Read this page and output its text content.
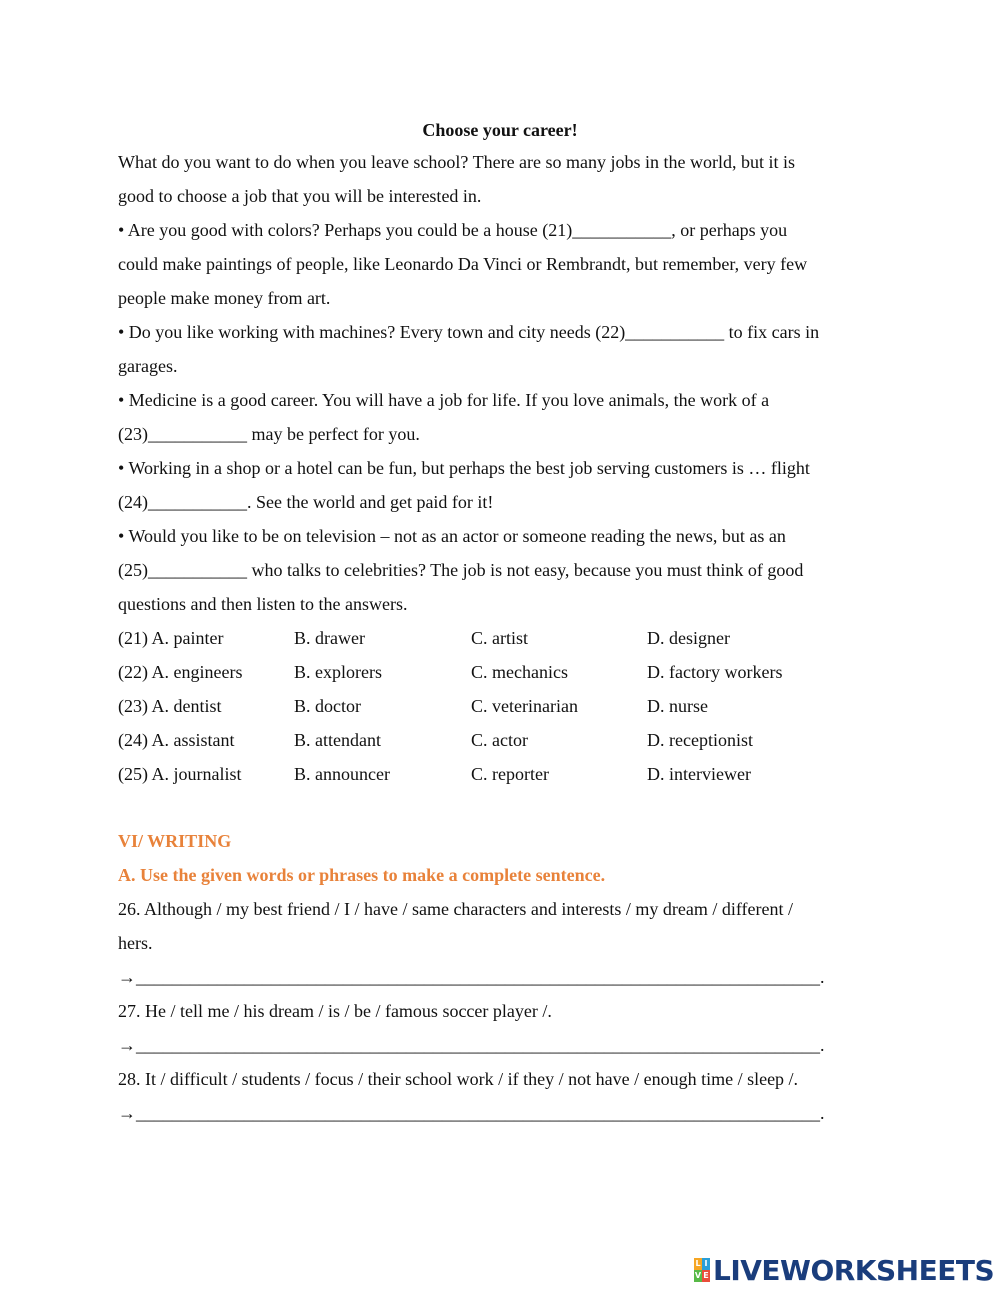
Choose your career!
What do you want to do when you leave school? There are so many jobs in the world, but it is
good to choose a job that you will be interested in.
• Are you good with colors? Perhaps you could be a house (21)___________, or perhaps you
could make paintings of people, like Leonardo Da Vinci or Rembrandt, but remember, very few
people make money from art.
• Do you like working with machines? Every town and city needs (22)___________ to fix cars in
garages.
• Medicine is a good career. You will have a job for life. If you love animals, the work of a
(23)___________ may be perfect for you.
• Working in a shop or a hotel can be fun, but perhaps the best job serving customers is … flight
(24)___________. See the world and get paid for it!
• Would you like to be on television – not as an actor or someone reading the news, but as an
(25)___________ who talks to celebrities? The job is not easy, because you must think of good
questions and then listen to the answers.
(21) A. painter	B. drawer	C. artist	D. designer
(22) A. engineers	B. explorers	C. mechanics	D. factory workers
(23) A. dentist	B. doctor	C. veterinarian	D. nurse
(24) A. assistant	B. attendant	C. actor	D. receptionist
(25) A. journalist	B. announcer	C. reporter	D. interviewer
VI/ WRITING
A. Use the given words or phrases to make a complete sentence.
26. Although / my best friend / I / have / same characters and interests / my dream / different /
hers.
→____________________________________________________________________________.
27. He / tell me / his dream / is / be / famous soccer player /.
→____________________________________________________________________________.
28. It / difficult / students / focus / their school work / if they / not have / enough time / sleep /.
→____________________________________________________________________________.
L I
V E LIVEWORKSHEETS
